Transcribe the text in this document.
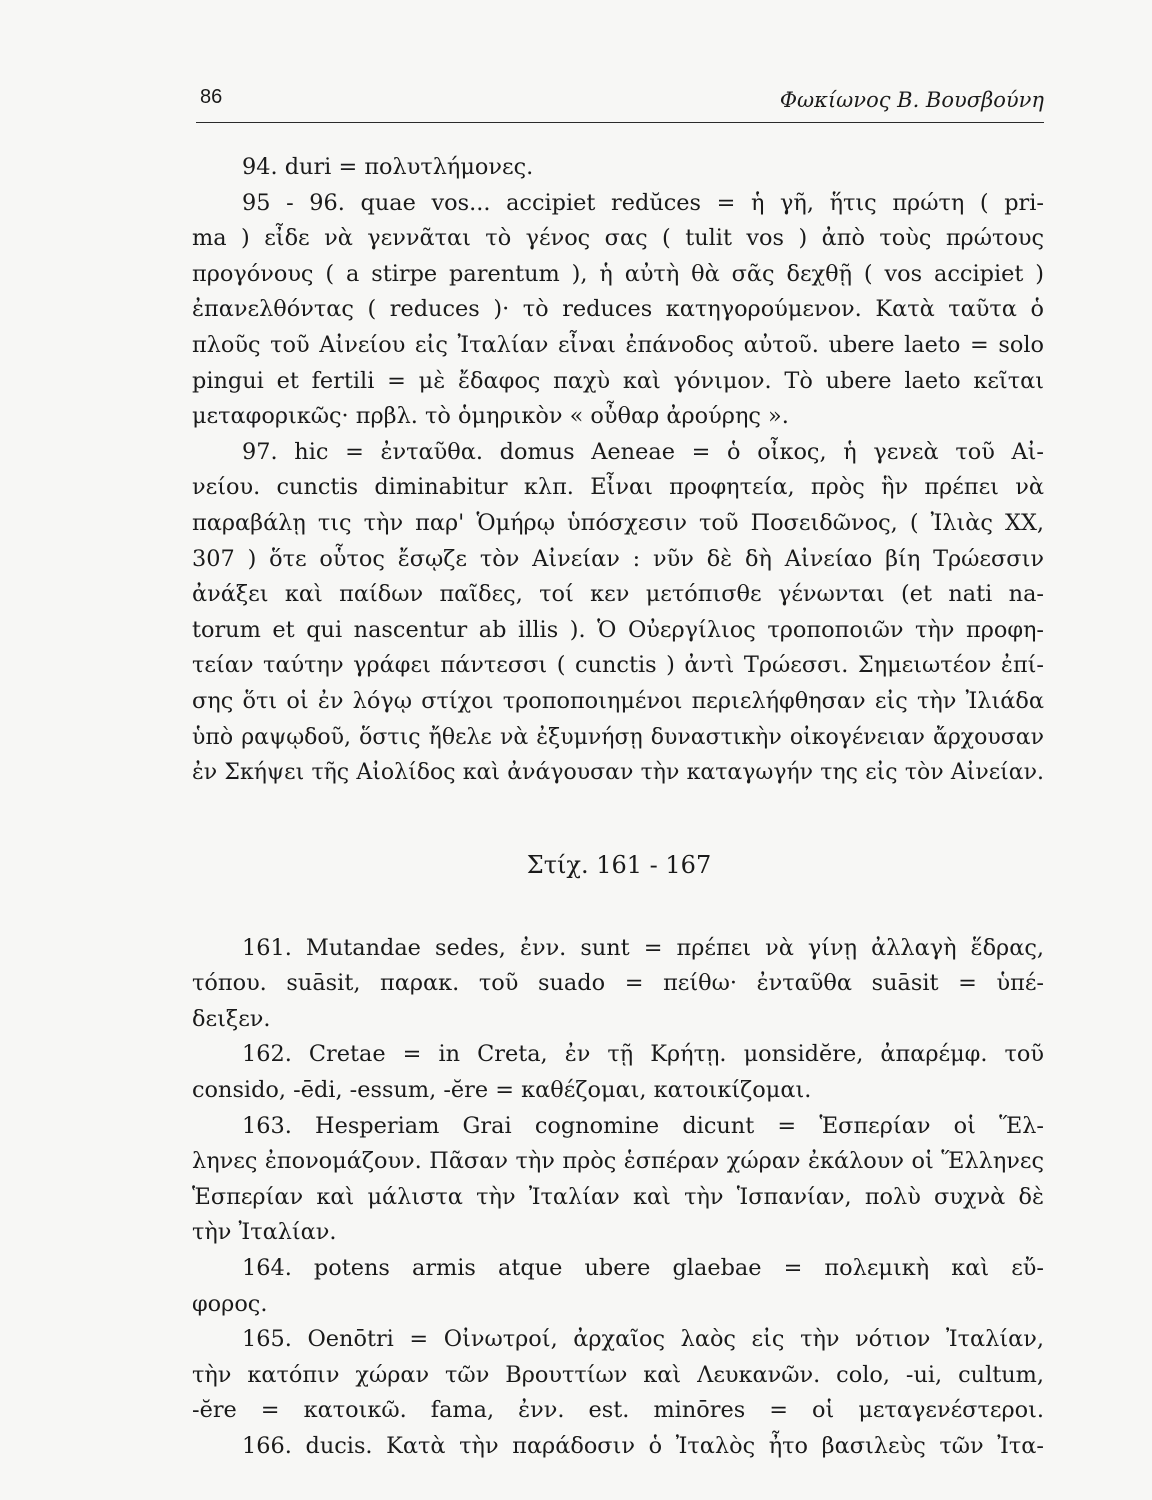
86	Φωκίωνος Β. Βουσβούνη
94. duri = πολυτλήμονες.
95 - 96. quae vos... accipiet redŭces = ἡ γῆ, ἥτις πρώτη ( pri-
ma ) εἶδε νὰ γεννᾶται τὸ γένος σας ( tulit vos ) ἀπὸ τοὺς πρώτους
προγόνους ( a stirpe parentum ), ἡ αὐτὴ θὰ σᾶς δεχθῇ ( vos accipiet )
ἐπανελθόντας ( reduces )· τὸ reduces κατηγορούμενον. Κατὰ ταῦτα ὁ
πλοῦς τοῦ Αἰνείου εἰς Ἰταλίαν εἶναι ἐπάνοδος αὐτοῦ. ubere laeto = solo
pingui et fertili = μὲ ἔδαφος παχὺ καὶ γόνιμον. Τὸ ubere laeto κεῖται
μεταφορικῶς· πρβλ. τὸ ὁμηρικὸν « οὖθαρ ἀρούρης ».
97. hic = ἐνταῦθα. domus Aeneae = ὁ οἶκος, ἡ γενεὰ τοῦ Αἰ-
νείου. cunctis diminabitur κλπ. Εἶναι προφητεία, πρὸς ἣν πρέπει νὰ
παραβάλῃ τις τὴν παρ' Ὁμήρῳ ὑπόσχεσιν τοῦ Ποσειδῶνος, ( Ἰλιὰς ΧΧ,
307 ) ὅτε οὗτος ἔσῳζε τὸν Αἰνείαν : νῦν δὲ δὴ Αἰνείαο βίη Τρώεσσιν
ἀνάξει καὶ παίδων παῖδες, τοί κεν μετόπισθε γένωνται (et nati na-
torum et qui nascentur ab illis ). Ὁ Οὐεργίλιος τροποποιῶν τὴν προφη-
τείαν ταύτην γράφει πάντεσσι ( cunctis ) ἀντὶ Τρώεσσι. Σημειωτέον ἐπί-
σης ὅτι οἱ ἐν λόγῳ στίχοι τροποποιημένοι περιελήφθησαν εἰς τὴν Ἰλιάδα
ὑπὸ ραψῳδοῦ, ὅστις ἤθελε νὰ ἐξυμνήσῃ δυναστικὴν οἰκογένειαν ἄρχουσαν
ἐν Σκήψει τῆς Αἰολίδος καὶ ἀνάγουσαν τὴν καταγωγήν της εἰς τὸν Αἰνείαν.
Στίχ. 161 - 167
161. Mutandae sedes, ἐνν. sunt = πρέπει νὰ γίνῃ ἀλλαγὴ ἕδρας,
τόπου. suāsit, παρακ. τοῦ suado = πείθω· ἐνταῦθα suāsit = ὑπέ-
δειξεν.
162. Cretae = in Creta, ἐν τῇ Κρήτῃ. μonsidĕre, ἀπαρέμφ. τοῦ
consido, -ēdi, -essum, -ĕre = καθέζομαι, κατοικίζομαι.
163. Hesperiam Grai cognomine dicunt = Ἑσπερίαν οἱ Ἕλ-
ληνες ἐπονομάζουν. Πᾶσαν τὴν πρὸς ἑσπέραν χώραν ἐκάλουν οἱ Ἕλληνες
Ἑσπερίαν καὶ μάλιστα τὴν Ἰταλίαν καὶ τὴν Ἱσπανίαν, πολὺ συχνὰ δὲ
τὴν Ἰταλίαν.
164. potens armis atque ubere glaebae = πολεμικὴ καὶ εὔ-
φορος.
165. Oenōtri = Οἰνωτροί, ἀρχαῖος λαὸς εἰς τὴν νότιον Ἰταλίαν,
τὴν κατόπιν χώραν τῶν Βρουττίων καὶ Λευκανῶν. colo, -ui, cultum,
-ĕre = κατοικῶ. fama, ἐνν. est. minōres = οἱ μεταγενέστεροι.
166. ducis. Κατὰ τὴν παράδοσιν ὁ Ἰταλὸς ἦτο βασιλεὺς τῶν Ἰτα-
